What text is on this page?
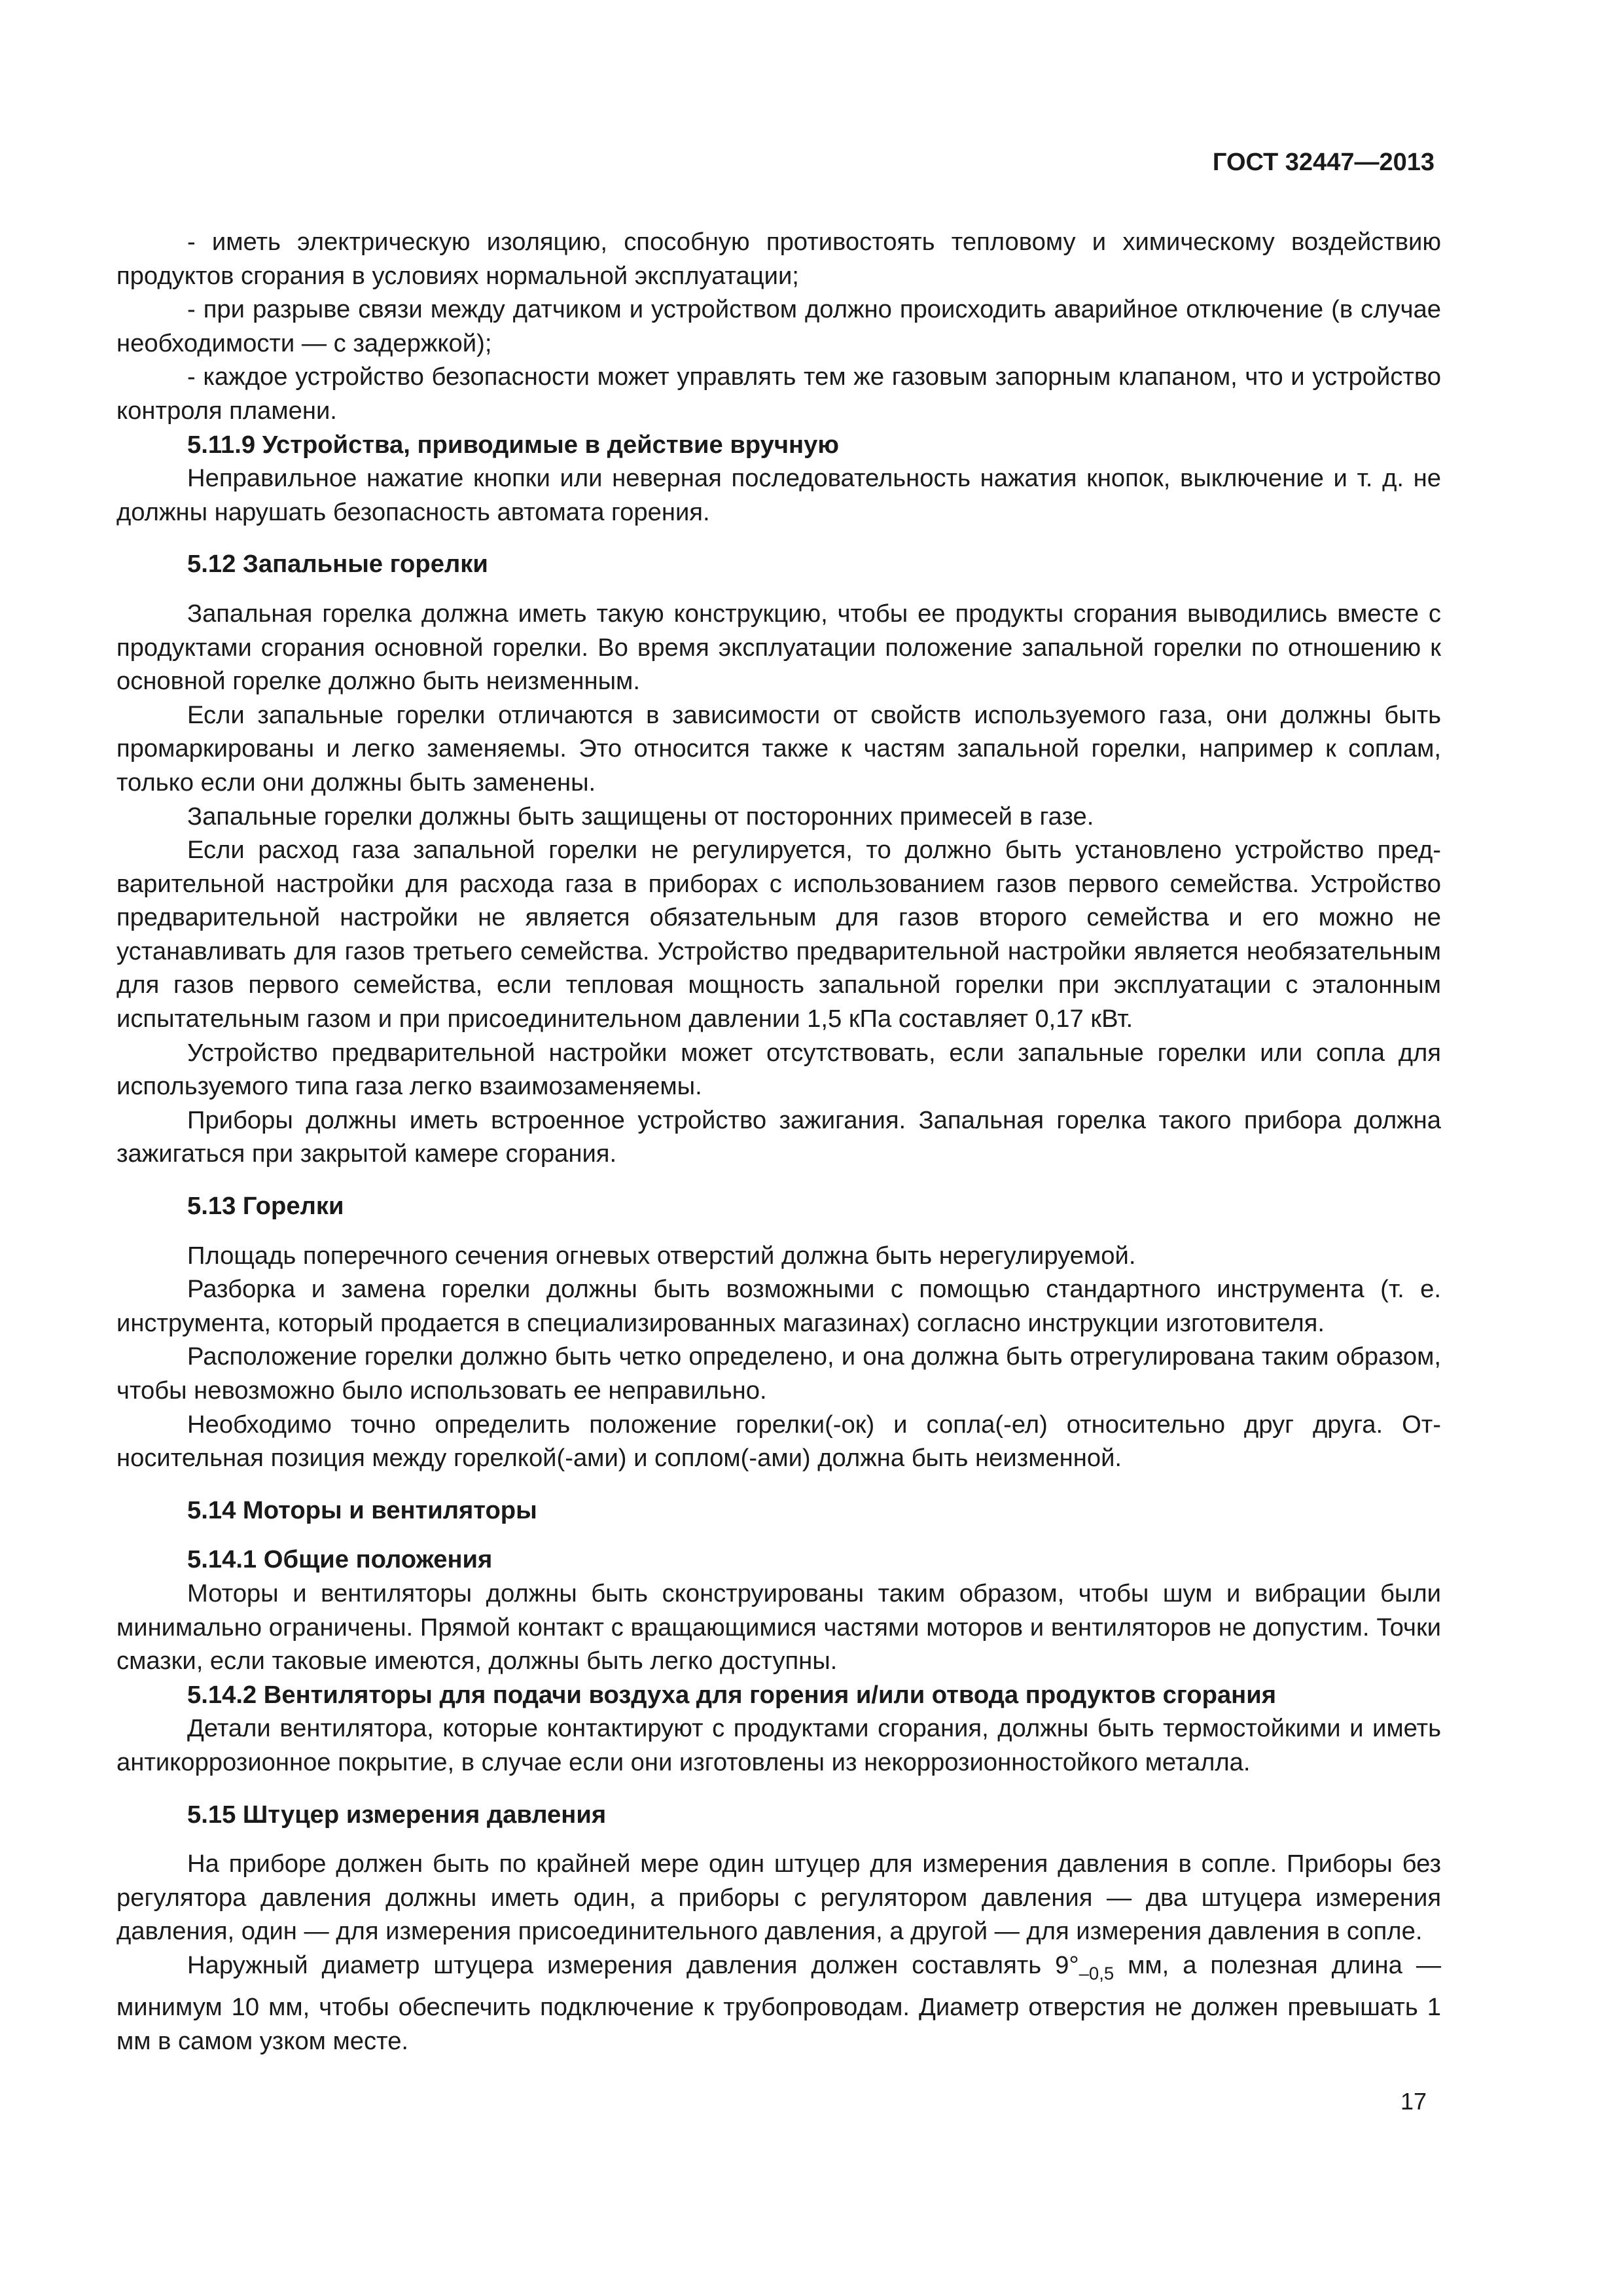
ГОСТ 32447—2013

- иметь электрическую изоляцию, способную противостоять тепловому и химическому воздействию продуктов сгорания в условиях нормальной эксплуатации;

- при разрыве связи между датчиком и устройством должно происходить аварийное отключение (в случае необходимости — с задержкой);

- каждое устройство безопасности может управлять тем же газовым запорным клапаном, что и устройство контроля пламени.

5.11.9 Устройства, приводимые в действие вручную

Неправильное нажатие кнопки или неверная последовательность нажатия кнопок, выключение и т. д. не должны нарушать безопасность автомата горения.

5.12 Запальные горелки

Запальная горелка должна иметь такую конструкцию, чтобы ее продукты сгорания выводились вместе с продуктами сгорания основной горелки. Во время эксплуатации положение запальной горелки по отношению к основной горелке должно быть неизменным.

Если запальные горелки отличаются в зависимости от свойств используемого газа, они должны быть промаркированы и легко заменяемы. Это относится также к частям запальной горелки, например к соплам, только если они должны быть заменены.

Запальные горелки должны быть защищены от посторонних примесей в газе.

Если расход газа запальной горелки не регулируется, то должно быть установлено устройство предварительной настройки для расхода газа в приборах с использованием газов первого семейства. Устройство предварительной настройки не является обязательным для газов второго семейства и его можно не устанавливать для газов третьего семейства. Устройство предварительной настройки является необязательным для газов первого семейства, если тепловая мощность запальной горелки при эксплуатации с эталонным испытательным газом и при присоединительном давлении 1,5 кПа составляет 0,17 кВт.

Устройство предварительной настройки может отсутствовать, если запальные горелки или сопла для используемого типа газа легко взаимозаменяемы.

Приборы должны иметь встроенное устройство зажигания. Запальная горелка такого прибора должна зажигаться при закрытой камере сгорания.

5.13 Горелки

Площадь поперечного сечения огневых отверстий должна быть нерегулируемой.

Разборка и замена горелки должны быть возможными с помощью стандартного инструмента (т. е. инструмента, который продается в специализированных магазинах) согласно инструкции изготовителя.

Расположение горелки должно быть четко определено, и она должна быть отрегулирована таким образом, чтобы невозможно было использовать ее неправильно.

Необходимо точно определить положение горелки(-ок) и сопла(-ел) относительно друг друга. Относительная позиция между горелкой(-ами) и соплом(-ами) должна быть неизменной.

5.14 Моторы и вентиляторы

5.14.1 Общие положения

Моторы и вентиляторы должны быть сконструированы таким образом, чтобы шум и вибрации были минимально ограничены. Прямой контакт с вращающимися частями моторов и вентиляторов не допустим. Точки смазки, если таковые имеются, должны быть легко доступны.

5.14.2 Вентиляторы для подачи воздуха для горения и/или отвода продуктов сгорания

Детали вентилятора, которые контактируют с продуктами сгорания, должны быть термостойкими и иметь антикоррозионное покрытие, в случае если они изготовлены из некоррозионностойкого металла.

5.15 Штуцер измерения давления

На приборе должен быть по крайней мере один штуцер для измерения давления в сопле. Приборы без регулятора давления должны иметь один, а приборы с регулятором давления — два штуцера измерения давления, один — для измерения присоединительного давления, а другой — для измерения давления в сопле.

Наружный диаметр штуцера измерения давления должен составлять $9^\circ_{-0,5}$ мм, а полезная длина — минимум 10 мм, чтобы обеспечить подключение к трубопроводам. Диаметр отверстия не должен превышать 1 мм в самом узком месте.

17
